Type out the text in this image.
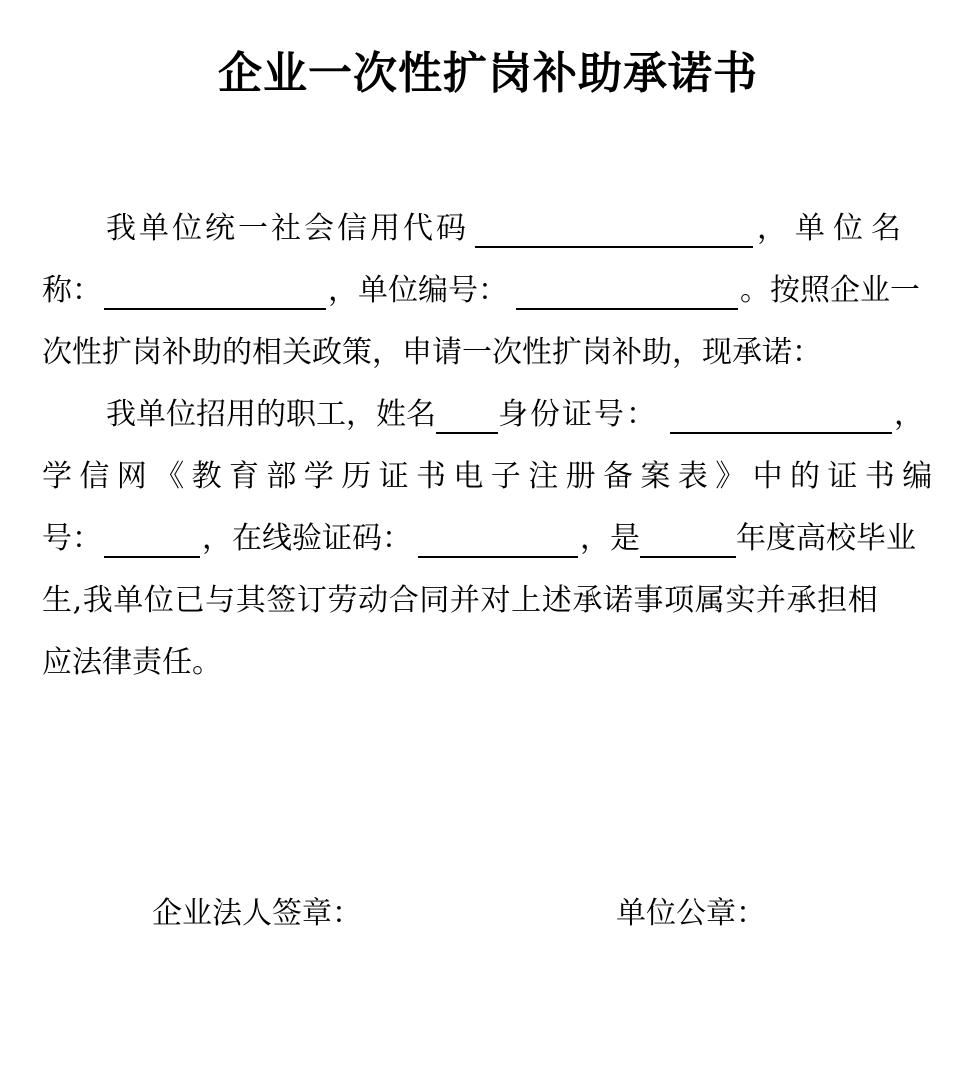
企业一次性扩岗补助承诺书
我单位统一社会信用代码	，单位名
称：	，单位编号：	。按照企业一
次性扩岗补助的相关政策，申请一次性扩岗补助，现承诺：
我单位招用的职工，姓名 身份证号：	，
学信网《教育部学历证书电子注册备案表》中的证书编
号：	，在线验证码：	，是	年度高校毕业
生,我单位已与其签订劳动合同并对上述承诺事项属实并承担相
应法律责任。
企业法人签章：	单位公章：
